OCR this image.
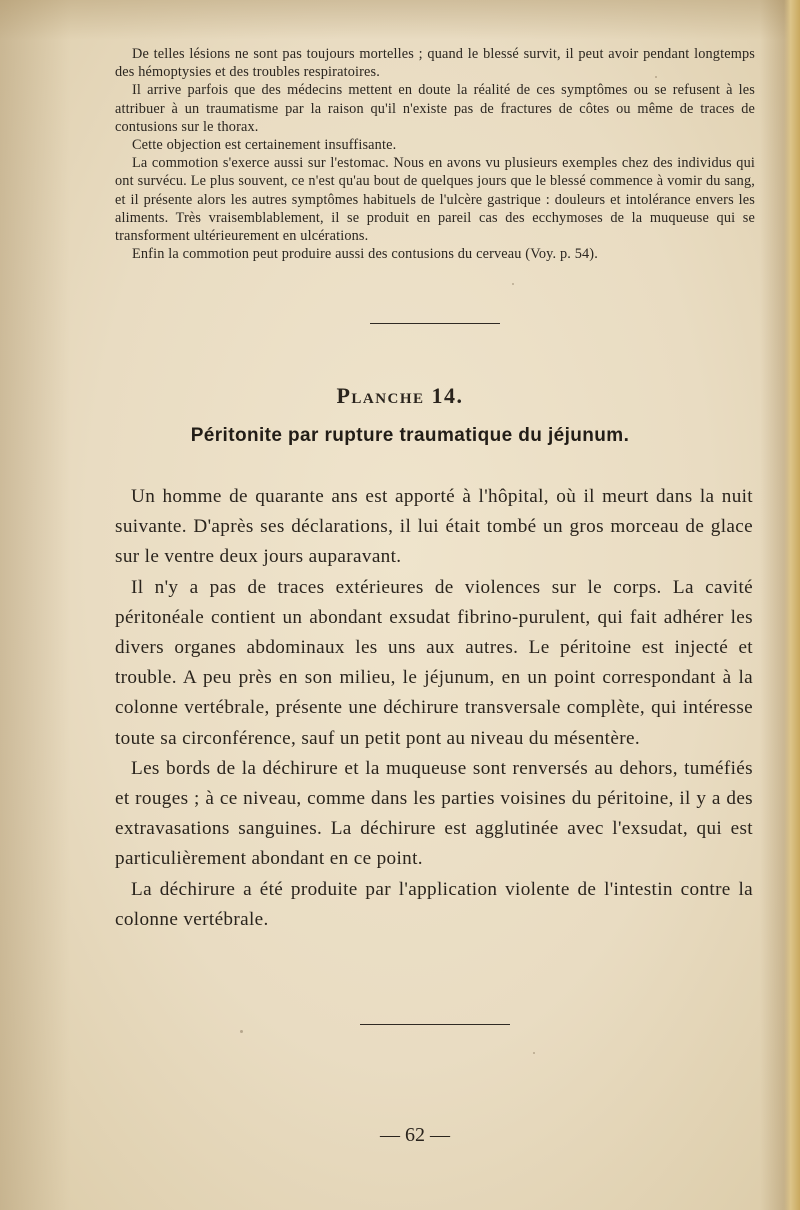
De telles lésions ne sont pas toujours mortelles ; quand le blessé survit, il peut avoir pendant longtemps des hémoptysies et des troubles respiratoires.

Il arrive parfois que des médecins mettent en doute la réalité de ces symptômes ou se refusent à les attribuer à un traumatisme par la raison qu'il n'existe pas de fractures de côtes ou même de traces de contusions sur le thorax.

Cette objection est certainement insuffisante.

La commotion s'exerce aussi sur l'estomac. Nous en avons vu plusieurs exemples chez des individus qui ont survécu. Le plus souvent, ce n'est qu'au bout de quelques jours que le blessé commence à vomir du sang, et il présente alors les autres symptômes habituels de l'ulcère gastrique : douleurs et intolérance envers les aliments. Très vraisemblablement, il se produit en pareil cas des ecchymoses de la muqueuse qui se transforment ultérieurement en ulcérations.

Enfin la commotion peut produire aussi des contusions du cerveau (Voy. p. 54).

Planche 14.
Péritonite par rupture traumatique du jéjunum.

Un homme de quarante ans est apporté à l'hôpital, où il meurt dans la nuit suivante. D'après ses déclarations, il lui était tombé un gros morceau de glace sur le ventre deux jours auparavant.

Il n'y a pas de traces extérieures de violences sur le corps. La cavité péritonéale contient un abondant exsudat fibrino-purulent, qui fait adhérer les divers organes abdominaux les uns aux autres. Le péritoine est injecté et trouble. A peu près en son milieu, le jéjunum, en un point correspondant à la colonne vertébrale, présente une déchirure transversale complète, qui intéresse toute sa circonférence, sauf un petit pont au niveau du mésentère.

Les bords de la déchirure et la muqueuse sont renversés au dehors, tuméfiés et rouges ; à ce niveau, comme dans les parties voisines du péritoine, il y a des extravasations sanguines. La déchirure est agglutinée avec l'exsudat, qui est particulièrement abondant en ce point.

La déchirure a été produite par l'application violente de l'intestin contre la colonne vertébrale.

— 62 —
